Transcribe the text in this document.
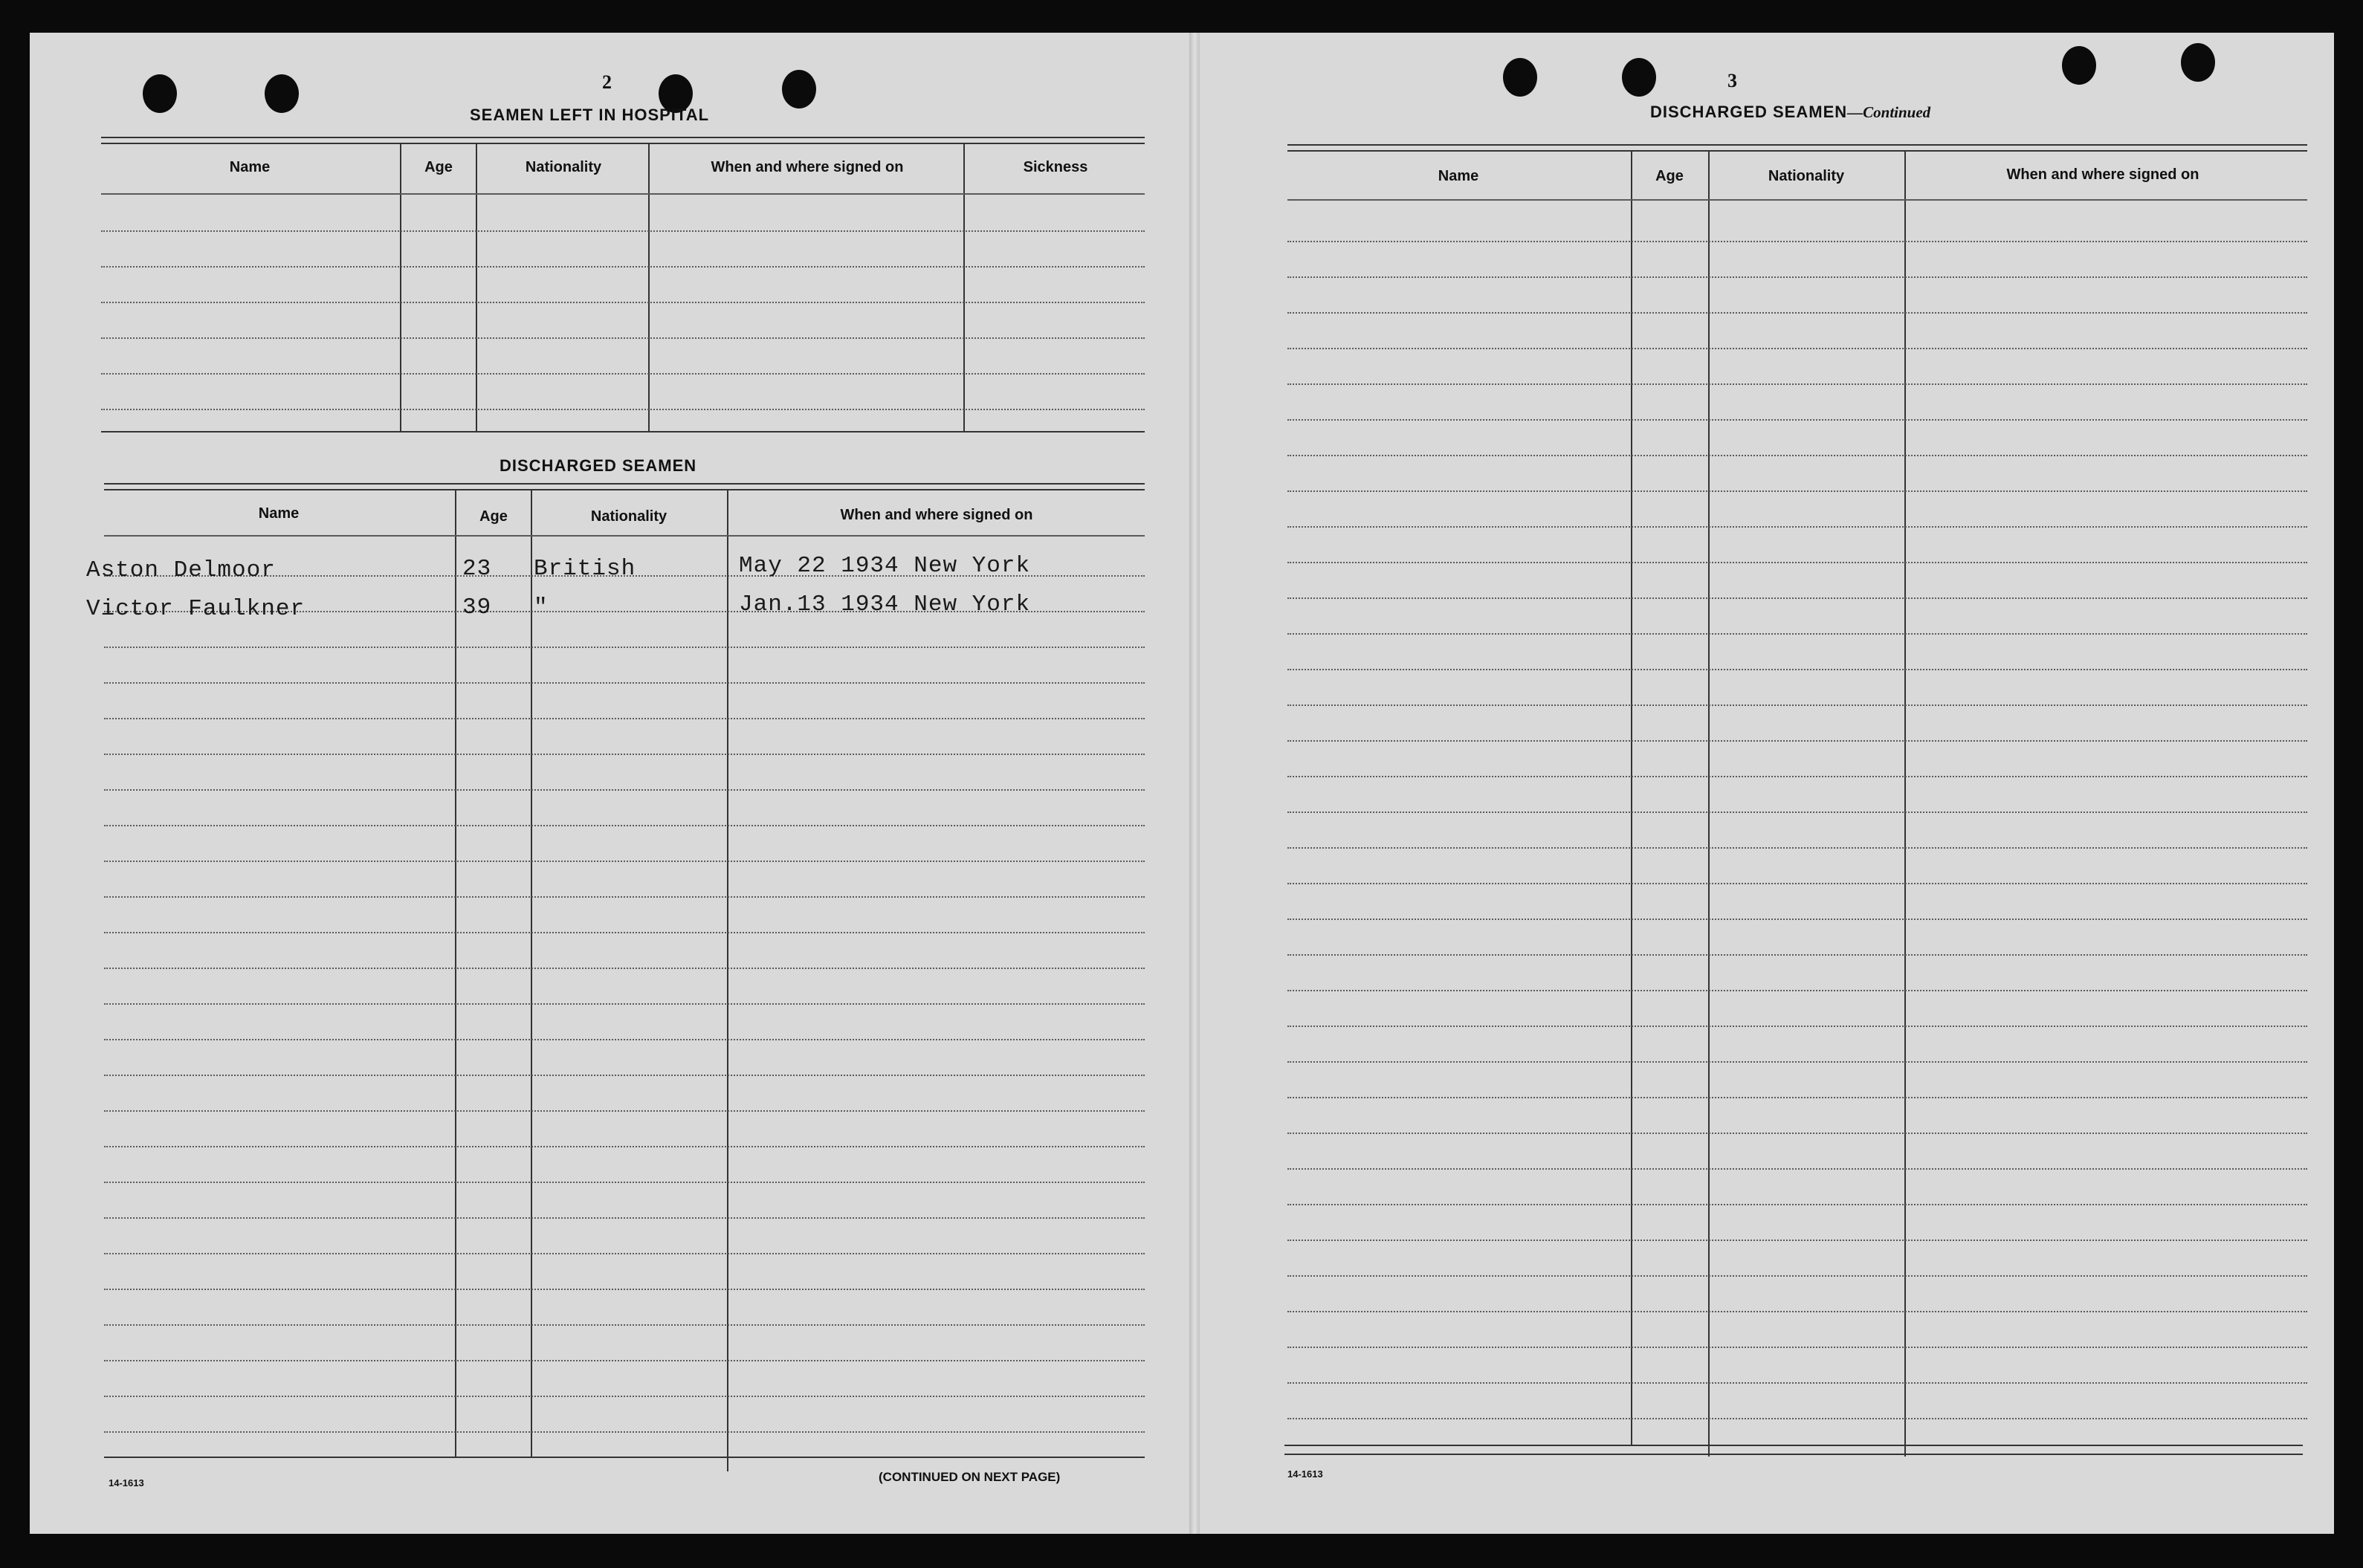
2
SEAMEN LEFT IN HOSPITAL
Name	Age	Nationality	When and where signed on	Sickness
DISCHARGED SEAMEN
Name	Age	Nationality	When and where signed on
Aston Delmoor	23 British	May 22 1934 New York
Victor Faulkner	39 "	Jan.13 1934 New York
14-1613	(CONTINUED ON NEXT PAGE)
3
DISCHARGED SEAMEN—Continued
Name	Age	Nationality	When and where signed on
14-1613
